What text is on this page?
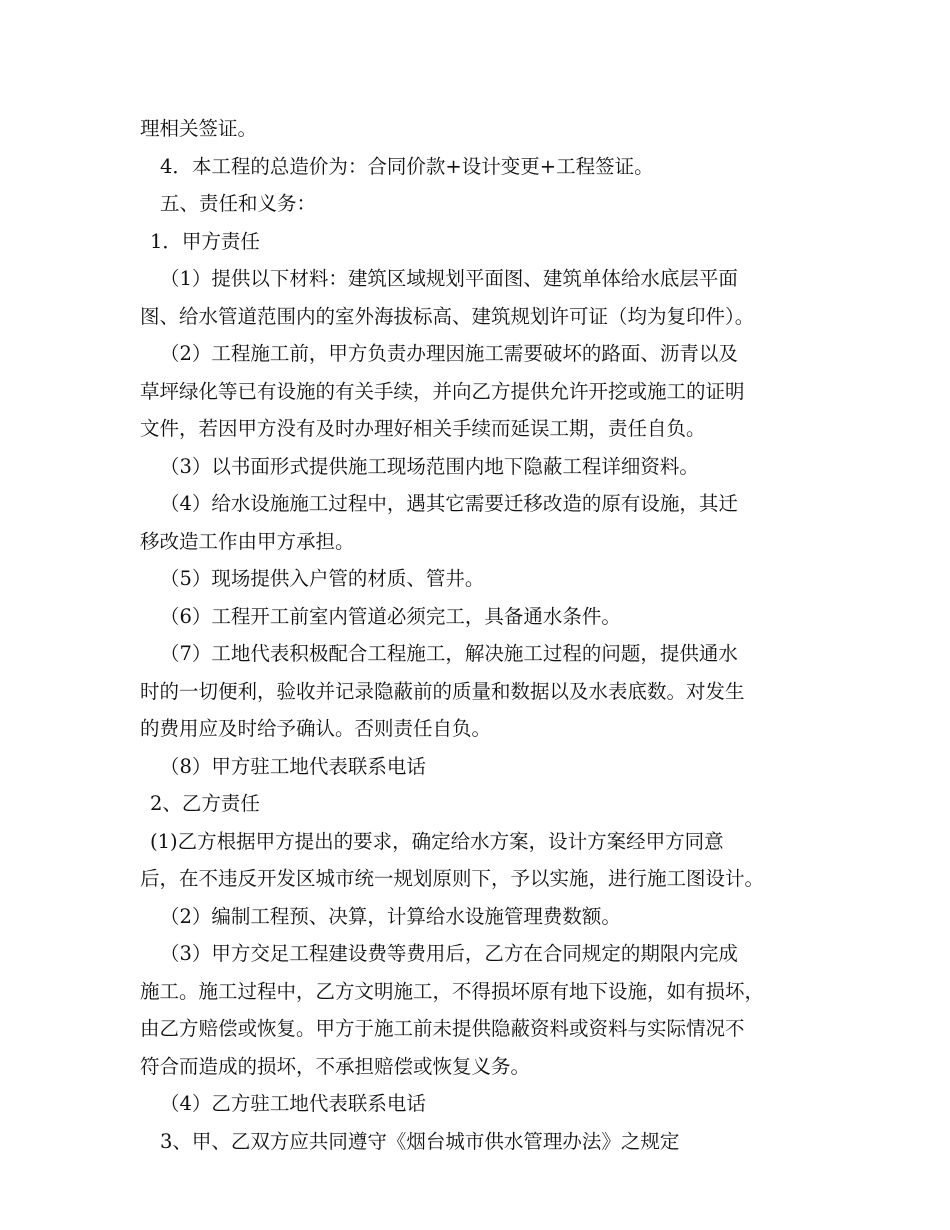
理相关签证。
4．本工程的总造价为：合同价款+设计变更+工程签证。
五、责任和义务：
1．甲方责任
（1）提供以下材料：建筑区域规划平面图、建筑单体给水底层平面
图、给水管道范围内的室外海拔标高、建筑规划许可证（均为复印件）。
（2）工程施工前，甲方负责办理因施工需要破坏的路面、沥青以及
草坪绿化等已有设施的有关手续，并向乙方提供允许开挖或施工的证明
文件，若因甲方没有及时办理好相关手续而延误工期，责任自负。
（3）以书面形式提供施工现场范围内地下隐蔽工程详细资料。
（4）给水设施施工过程中，遇其它需要迁移改造的原有设施，其迁
移改造工作由甲方承担。
（5）现场提供入户管的材质、管井。
（6）工程开工前室内管道必须完工，具备通水条件。
（7）工地代表积极配合工程施工，解决施工过程的问题，提供通水
时的一切便利，验收并记录隐蔽前的质量和数据以及水表底数。对发生
的费用应及时给予确认。否则责任自负。
（8）甲方驻工地代表联系电话
2、乙方责任
(1)乙方根据甲方提出的要求，确定给水方案，设计方案经甲方同意
后，在不违反开发区城市统一规划原则下，予以实施，进行施工图设计。
（2）编制工程预、决算，计算给水设施管理费数额。
（3）甲方交足工程建设费等费用后，乙方在合同规定的期限内完成
施工。施工过程中，乙方文明施工，不得损坏原有地下设施，如有损坏，
由乙方赔偿或恢复。甲方于施工前未提供隐蔽资料或资料与实际情况不
符合而造成的损坏，不承担赔偿或恢复义务。
（4）乙方驻工地代表联系电话
3、甲、乙双方应共同遵守《烟台城市供水管理办法》之规定
